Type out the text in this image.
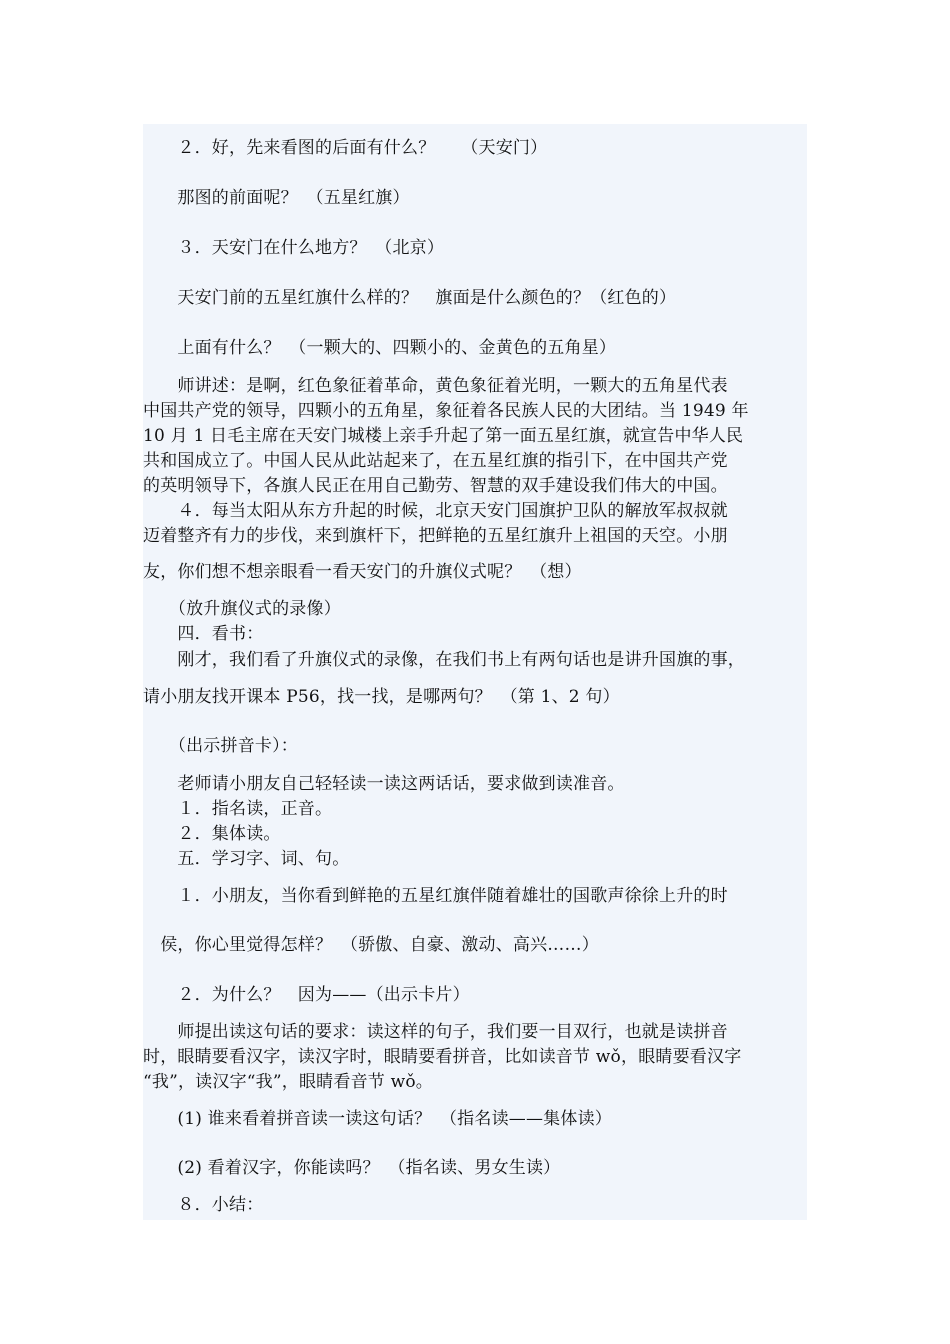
　　２．好，先来看图的后面有什么？　　（天安门）
　　那图的前面呢？　（五星红旗）
　　３．天安门在什么地方？　（北京）
　　天安门前的五星红旗什么样的？　旗面是什么颜色的？（红色的）
　　上面有什么？　（一颗大的、四颗小的、金黄色的五角星）
　　师讲述：是啊，红色象征着革命，黄色象征着光明，一颗大的五角星代表
中国共产党的领导，四颗小的五角星，象征着各民族人民的大团结。当 1949 年
10 月 1 日毛主席在天安门城楼上亲手升起了第一面五星红旗，就宣告中华人民
共和国成立了。中国人民从此站起来了，在五星红旗的指引下，在中国共产党
的英明领导下，各旗人民正在用自己勤劳、智慧的双手建设我们伟大的中国。
　　４．每当太阳从东方升起的时候，北京天安门国旗护卫队的解放军叔叔就
迈着整齐有力的步伐，来到旗杆下，把鲜艳的五星红旗升上祖国的天空。小朋
友，你们想不想亲眼看一看天安门的升旗仪式呢？　（想）
　　（放升旗仪式的录像）
　　四．看书：
　　刚才，我们看了升旗仪式的录像，在我们书上有两句话也是讲升国旗的事，
请小朋友找开课本 P56，找一找，是哪两句？　（第 1、2 句）
　　（出示拼音卡）：
　　老师请小朋友自己轻轻读一读这两话话，要求做到读准音。
　　１．指名读，正音。
　　２．集体读。
　　五．学习字、词、句。
　　１．小朋友，当你看到鲜艳的五星红旗伴随着雄壮的国歌声徐徐上升的时
　侯，你心里觉得怎样？　（骄傲、自豪、激动、高兴……）
　　２．为什么？　因为——（出示卡片）
　　师提出读这句话的要求：读这样的句子，我们要一目双行，也就是读拼音
时，眼睛要看汉字，读汉字时，眼睛要看拼音，比如读音节 wǒ，眼睛要看汉字
“我”，读汉字“我”，眼睛看音节 wǒ。
　　(1) 谁来看着拼音读一读这句话？　（指名读——集体读）
　　(2) 看着汉字，你能读吗？　（指名读、男女生读）
　　８．小结：
